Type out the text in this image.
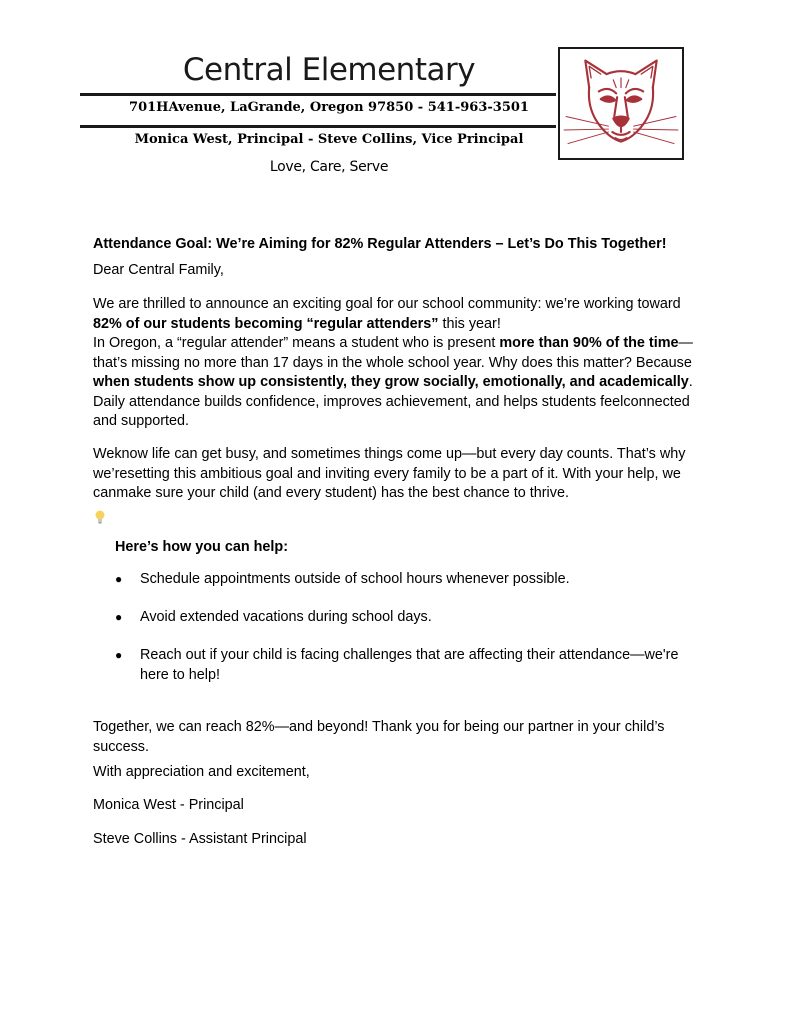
Central Elementary
701HAvenue, LaGrande, Oregon 97850 - 541-963-3501
Monica West, Principal - Steve Collins, Vice Principal
Love, Care, Serve
Attendance Goal: We’re Aiming for 82% Regular Attenders – Let’s Do This Together!
Dear Central Family,
We are thrilled to announce an exciting goal for our school community: we’re working toward 82% of our students becoming “regular attenders” this year!
In Oregon, a “regular attender” means a student who is present more than 90% of the time—that’s missing no more than 17 days in the whole school year. Why does this matter? Because when students show up consistently, they grow socially, emotionally, and academically. Daily attendance builds confidence, improves achievement, and helps students feelconnected and supported.
Weknow life can get busy, and sometimes things come up—but every day counts. That’s why we’resetting this ambitious goal and inviting every family to be a part of it. With your help, we canmake sure your child (and every student) has the best chance to thrive.
Here’s how you can help:
●	Schedule appointments outside of school hours whenever possible.
●	Avoid extended vacations during school days.
●	Reach out if your child is facing challenges that are affecting their attendance—we're here to help!
Together, we can reach 82%—and beyond! Thank you for being our partner in your child’s success.
With appreciation and excitement,
Monica West - Principal
Steve Collins - Assistant Principal
